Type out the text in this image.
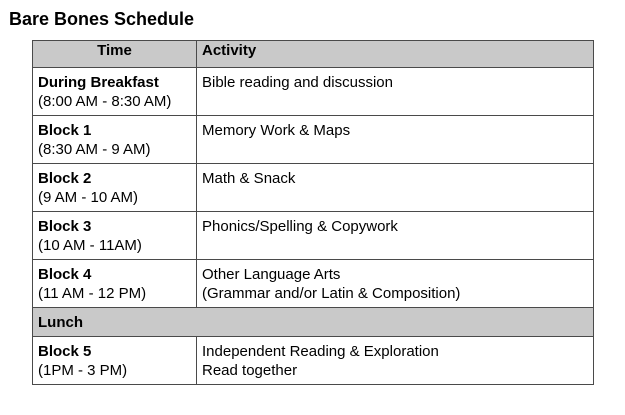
Bare Bones Schedule
Time	Activity

During Breakfast
(8:00 AM - 8:30 AM)	Bible reading and discussion

Block 1
(8:30 AM - 9 AM)	Memory Work & Maps

Block 2
(9 AM - 10 AM)	Math & Snack

Block 3
(10 AM - 11AM)	Phonics/Spelling & Copywork

Block 4
(11 AM - 12 PM)	Other Language Arts
(Grammar and/or Latin & Composition)

Lunch	

Block 5
(1PM - 3 PM)	Independent Reading & Exploration
Read together
